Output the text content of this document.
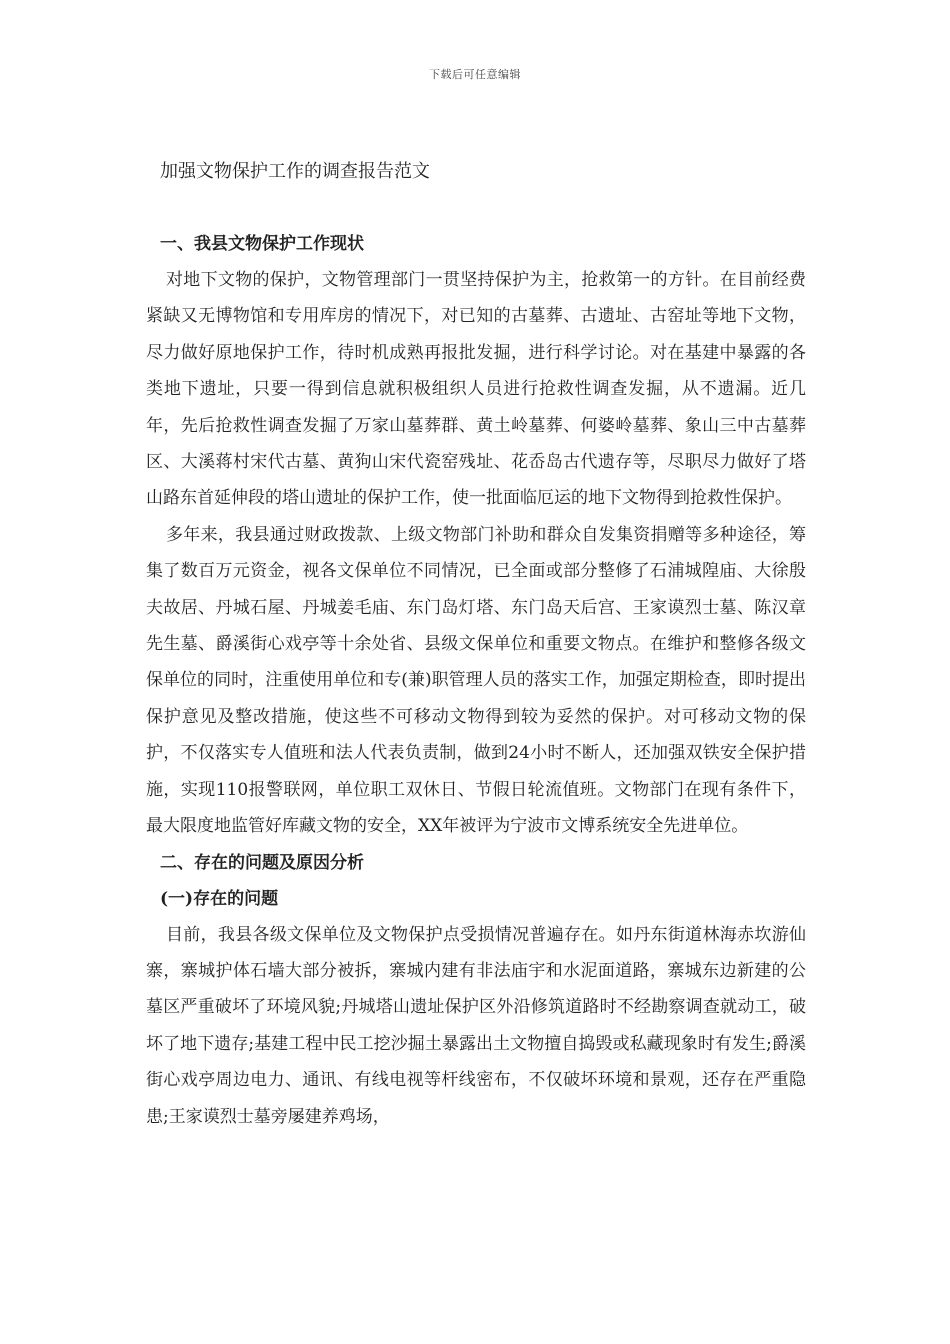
下载后可任意编辑
加强文物保护工作的调查报告范文
一、我县文物保护工作现状

对地下文物的保护，文物管理部门一贯坚持保护为主，抢救第一的方针。在目前经费紧缺又无博物馆和专用库房的情况下，对已知的古墓葬、古遗址、古窑址等地下文物，尽力做好原地保护工作，待时机成熟再报批发掘，进行科学讨论。对在基建中暴露的各类地下遗址，只要一得到信息就积极组织人员进行抢救性调查发掘，从不遗漏。近几年，先后抢救性调查发掘了万家山墓葬群、黄土岭墓葬、何婆岭墓葬、象山三中古墓葬区、大溪蒋村宋代古墓、黄狗山宋代瓷窑残址、花岙岛古代遗存等，尽职尽力做好了塔山路东首延伸段的塔山遗址的保护工作，使一批面临厄运的地下文物得到抢救性保护。

多年来，我县通过财政拨款、上级文物部门补助和群众自发集资捐赠等多种途径，筹集了数百万元资金，视各文保单位不同情况，已全面或部分整修了石浦城隍庙、大徐殷夫故居、丹城石屋、丹城姜毛庙、东门岛灯塔、东门岛天后宫、王家谟烈士墓、陈汉章先生墓、爵溪街心戏亭等十余处省、县级文保单位和重要文物点。在维护和整修各级文保单位的同时，注重使用单位和专(兼)职管理人员的落实工作，加强定期检查，即时提出保护意见及整改措施，使这些不可移动文物得到较为妥然的保护。对可移动文物的保护，不仅落实专人值班和法人代表负责制，做到24小时不断人，还加强双铁安全保护措施，实现110报警联网，单位职工双休日、节假日轮流值班。文物部门在现有条件下，最大限度地监管好库藏文物的安全，XX年被评为宁波市文博系统安全先进单位。

二、存在的问题及原因分析
(一)存在的问题

目前，我县各级文保单位及文物保护点受损情况普遍存在。如丹东街道林海赤坎游仙寨，寨城护体石墙大部分被拆，寨城内建有非法庙宇和水泥面道路，寨城东边新建的公墓区严重破坏了环境风貌;丹城塔山遗址保护区外沿修筑道路时不经勘察调查就动工，破坏了地下遗存;基建工程中民工挖沙掘土暴露出土文物擅自捣毁或私藏现象时有发生;爵溪街心戏亭周边电力、通讯、有线电视等杆线密布，不仅破坏环境和景观，还存在严重隐患;王家谟烈士墓旁屡建养鸡场，
